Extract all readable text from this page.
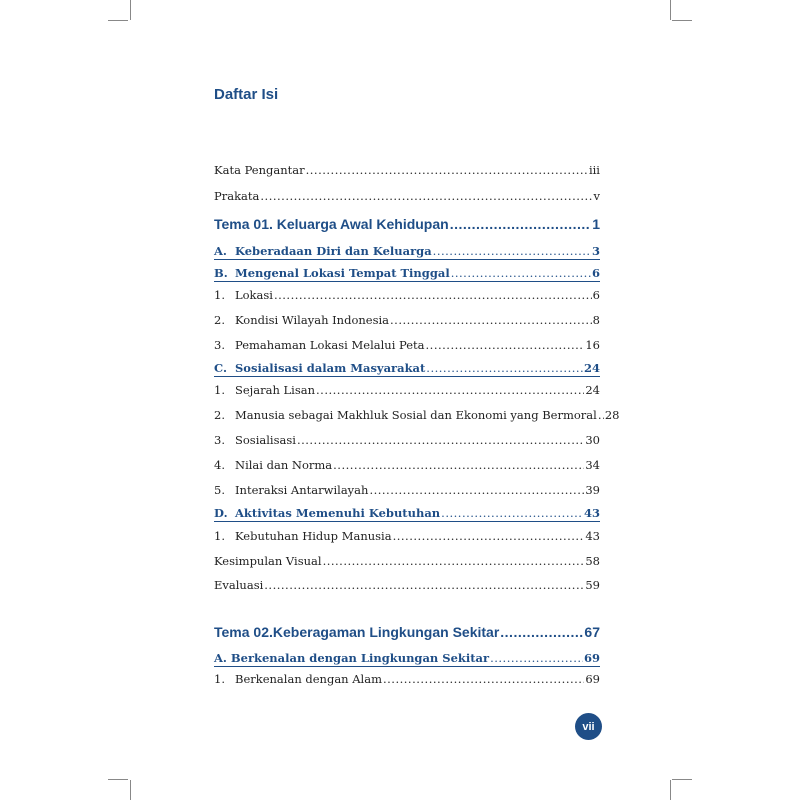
Daftar Isi
Kata Pengantar .....	iii
Prakata .....	v
Tema 01. Keluarga Awal Kehidupan .....	1
A. Keberadaan Diri dan Keluarga .....	3
B. Mengenal Lokasi Tempat Tinggal .....	6
1. Lokasi .....	6
2. Kondisi Wilayah Indonesia .....	8
3. Pemahaman Lokasi Melalui Peta .....	16
C. Sosialisasi dalam Masyarakat .....	24
1. Sejarah Lisan .....	24
2. Manusia sebagai Makhluk Sosial dan Ekonomi yang Bermoral ..... 28
3. Sosialisasi .....	30
4. Nilai dan Norma .....	34
5. Interaksi Antarwilayah .....	39
D. Aktivitas Memenuhi Kebutuhan .....	43
1. Kebutuhan Hidup Manusia .....	43
Kesimpulan Visual .....	58
Evaluasi .....	59
Tema 02.Keberagaman Lingkungan Sekitar .....	67
A. Berkenalan dengan Lingkungan Sekitar .....	69
1. Berkenalan dengan Alam .....	69
vii
